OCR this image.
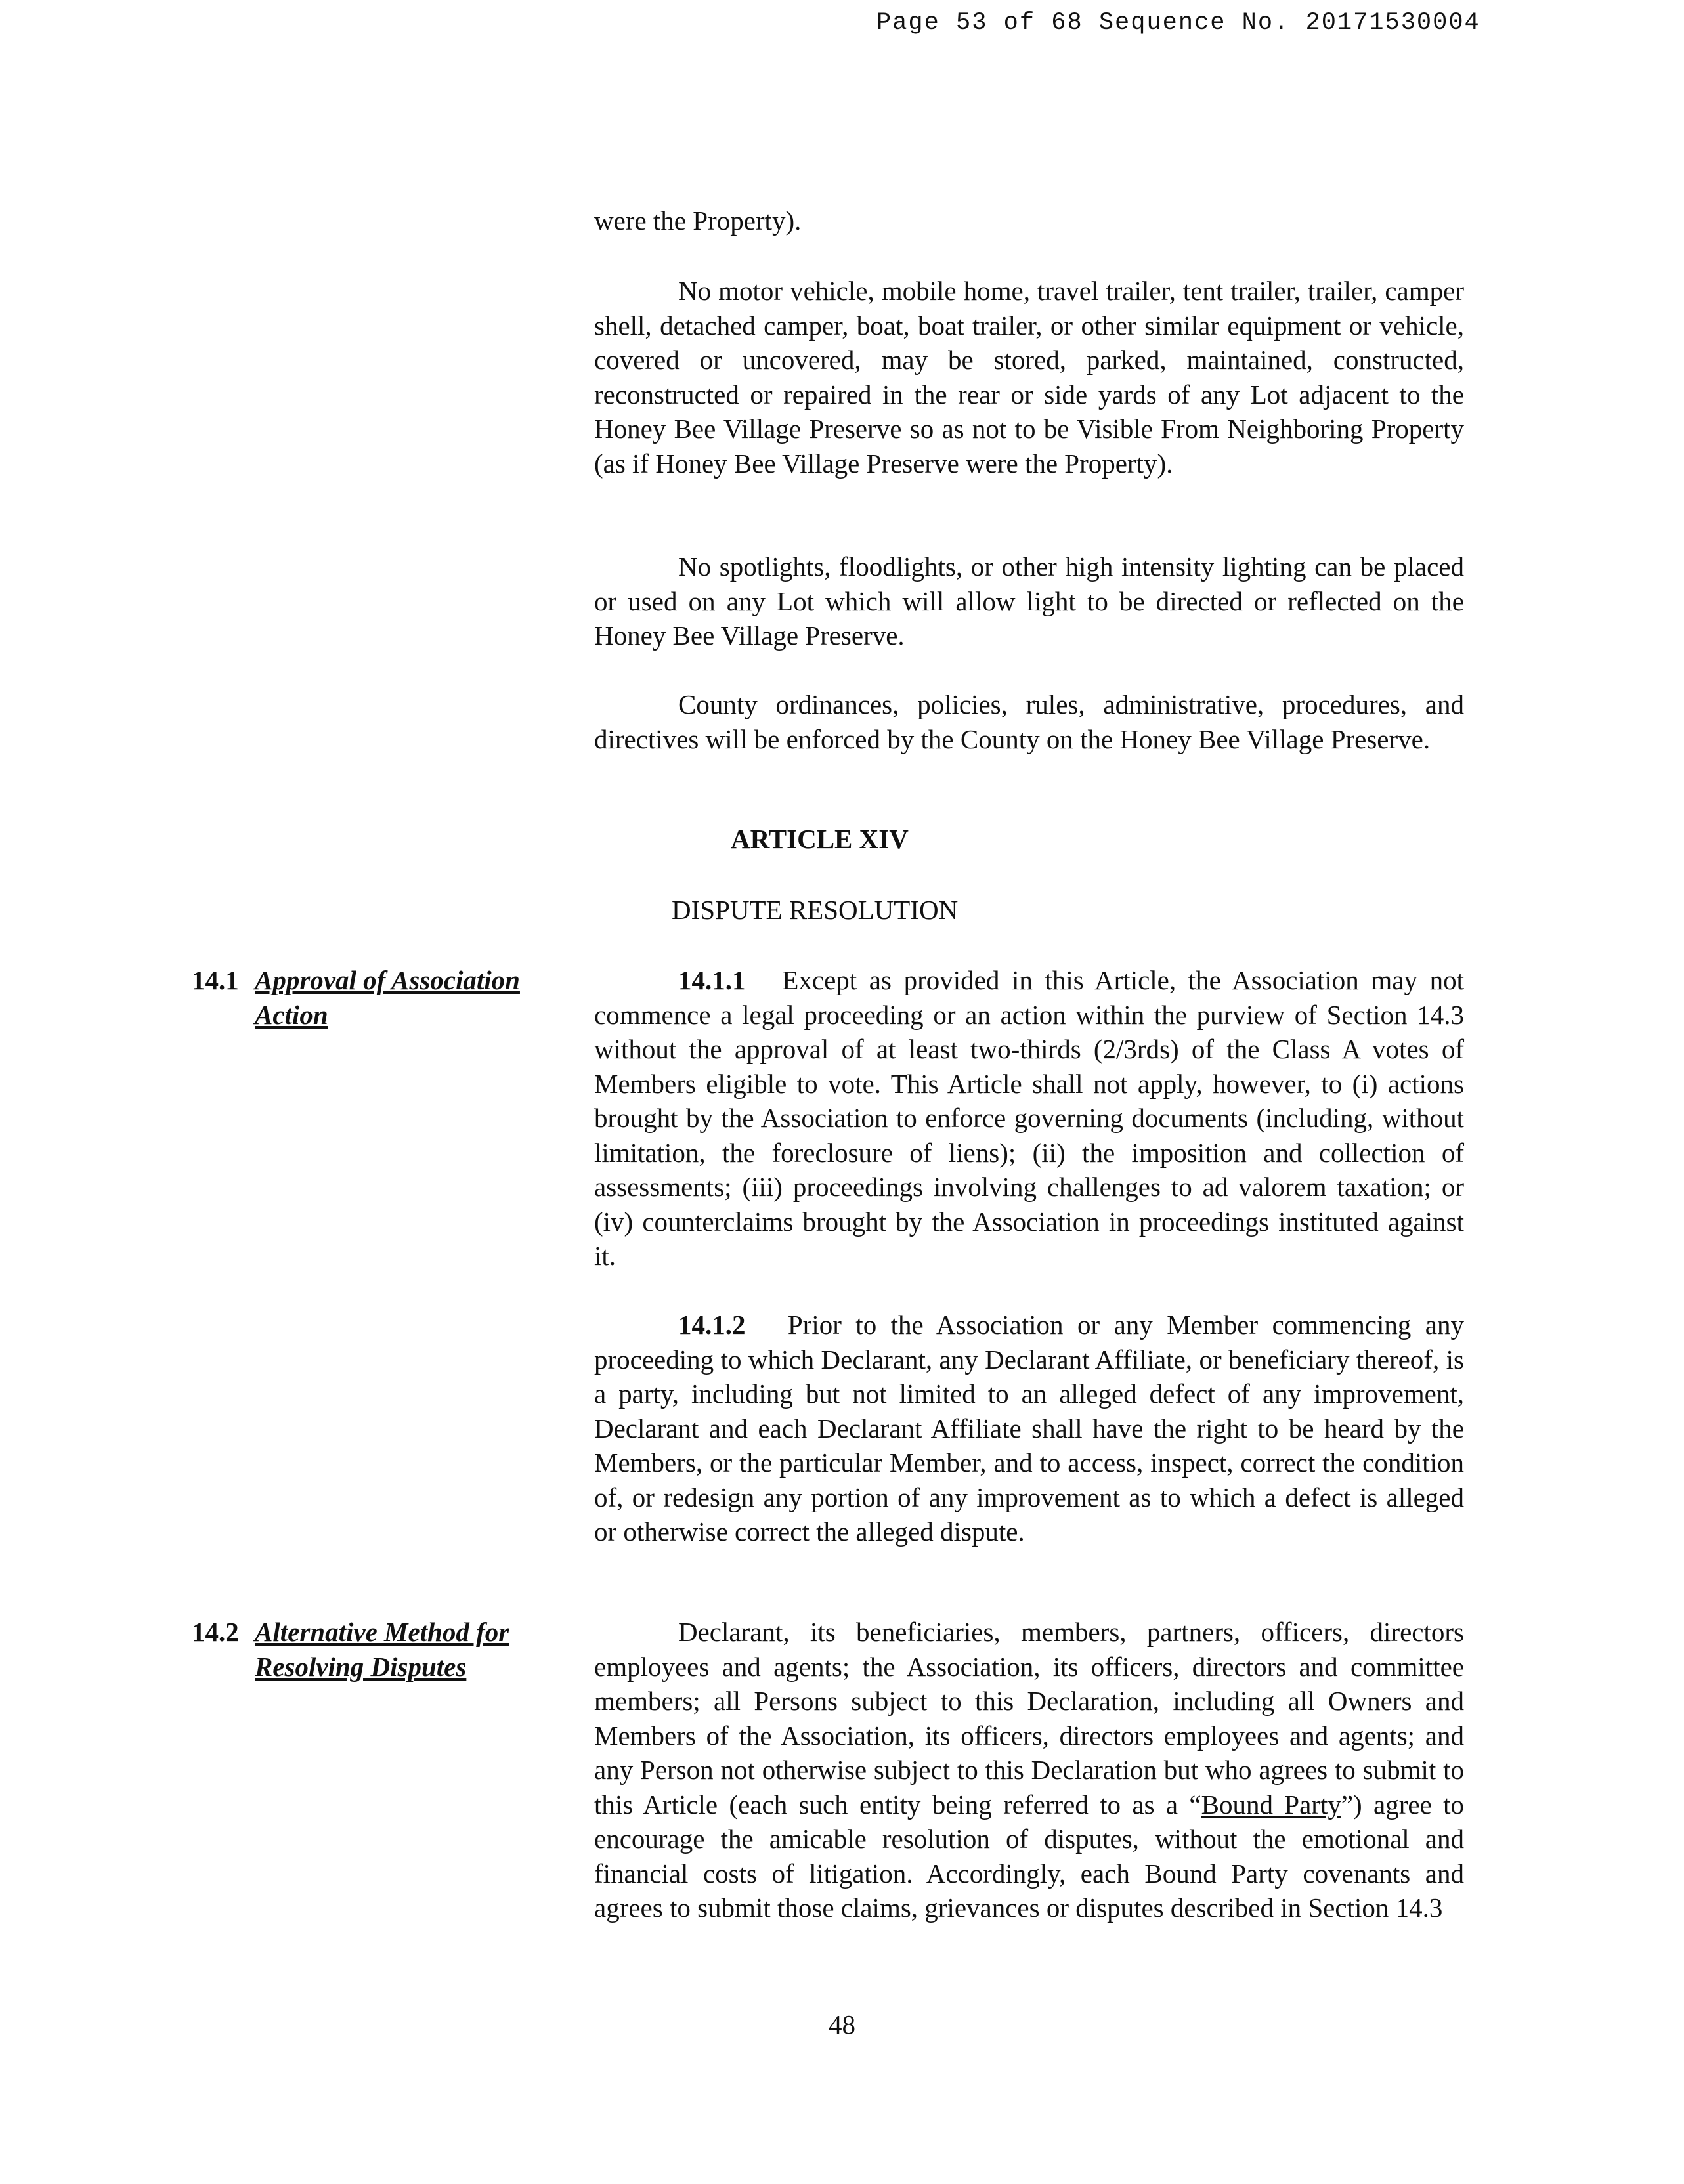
Page 53 of 68 Sequence No. 20171530004

were the Property).

No motor vehicle, mobile home, travel trailer, tent trailer, trailer, camper shell, detached camper, boat, boat trailer, or other similar equipment or vehicle, covered or uncovered, may be stored, parked, maintained, constructed, reconstructed or repaired in the rear or side yards of any Lot adjacent to the Honey Bee Village Preserve so as not to be Visible From Neighboring Property (as if Honey Bee Village Preserve were the Property).

No spotlights, floodlights, or other high intensity lighting can be placed or used on any Lot which will allow light to be directed or reflected on the Honey Bee Village Preserve.

County ordinances, policies, rules, administrative, procedures, and directives will be enforced by the County on the Honey Bee Village Preserve.

ARTICLE XIV
DISPUTE RESOLUTION
14.1 Approval of Association
Action

14.1.1 Except as provided in this Article, the Association may not commence a legal proceeding or an action within the purview of Section 14.3 without the approval of at least two-thirds (2/3rds) of the Class A votes of Members eligible to vote. This Article shall not apply, however, to (i) actions brought by the Association to enforce governing documents (including, without limitation, the foreclosure of liens); (ii) the imposition and collection of assessments; (iii) proceedings involving challenges to ad valorem taxation; or (iv) counterclaims brought by the Association in proceedings instituted against it.

14.1.2 Prior to the Association or any Member commencing any proceeding to which Declarant, any Declarant Affiliate, or beneficiary thereof, is a party, including but not limited to an alleged defect of any improvement, Declarant and each Declarant Affiliate shall have the right to be heard by the Members, or the particular Member, and to access, inspect, correct the condition of, or redesign any portion of any improvement as to which a defect is alleged or otherwise correct the alleged dispute.

14.2 Alternative Method for
Resolving Disputes

Declarant, its beneficiaries, members, partners, officers, directors employees and agents; the Association, its officers, directors and committee members; all Persons subject to this Declaration, including all Owners and Members of the Association, its officers, directors employees and agents; and any Person not otherwise subject to this Declaration but who agrees to submit to this Article (each such entity being referred to as a “Bound Party”) agree to encourage the amicable resolution of disputes, without the emotional and financial costs of litigation. Accordingly, each Bound Party covenants and agrees to submit those claims, grievances or disputes described in Section 14.3

48
